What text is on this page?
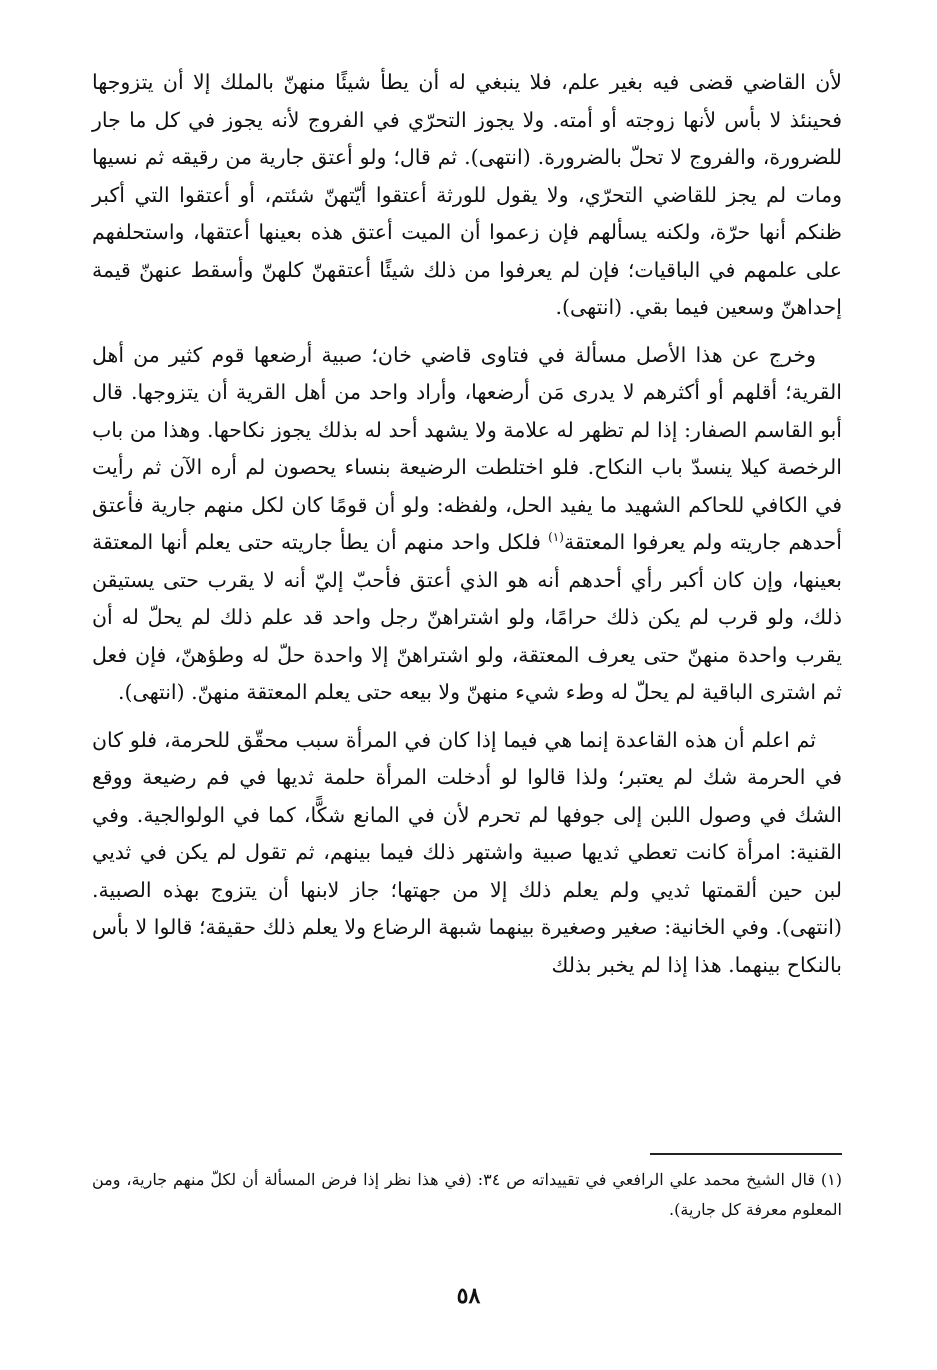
لأن القاضي قضى فيه بغير علم، فلا ينبغي له أن يطأ شيئًا منهنّ بالملك إلا أن يتزوجها فحينئذ لا بأس لأنها زوجته أو أمته. ولا يجوز التحرّي في الفروج لأنه يجوز في كل ما جار للضرورة، والفروج لا تحلّ بالضرورة. (انتهى). ثم قال؛ ولو أعتق جارية من رقيقه ثم نسيها ومات لم يجز للقاضي التحرّي، ولا يقول للورثة أعتقوا أيّتهنّ شئتم، أو أعتقوا التي أكبر ظنكم أنها حرّة، ولكنه يسألهم فإن زعموا أن الميت أعتق هذه بعينها أعتقها، واستحلفهم على علمهم في الباقيات؛ فإن لم يعرفوا من ذلك شيئًا أعتقهنّ كلهنّ وأسقط عنهنّ قيمة إحداهنّ وسعين فيما بقي. (انتهى).

وخرج عن هذا الأصل مسألة في فتاوى قاضي خان؛ صبية أرضعها قوم كثير من أهل القرية؛ أقلهم أو أكثرهم لا يدرى مَن أرضعها، وأراد واحد من أهل القرية أن يتزوجها. قال أبو القاسم الصفار: إذا لم تظهر له علامة ولا يشهد أحد له بذلك يجوز نكاحها. وهذا من باب الرخصة كيلا ينسدّ باب النكاح. فلو اختلطت الرضيعة بنساء يحصون لم أره الآن ثم رأيت في الكافي للحاكم الشهيد ما يفيد الحل، ولفظه: ولو أن قومًا كان لكل منهم جارية فأعتق أحدهم جاريته ولم يعرفوا المعتقة$^{(١)}$ فلكل واحد منهم أن يطأ جاريته حتى يعلم أنها المعتقة بعينها، وإن كان أكبر رأي أحدهم أنه هو الذي أعتق فأحبّ إليّ أنه لا يقرب حتى يستيقن ذلك، ولو قرب لم يكن ذلك حرامًا، ولو اشتراهنّ رجل واحد قد علم ذلك لم يحلّ له أن يقرب واحدة منهنّ حتى يعرف المعتقة، ولو اشتراهنّ إلا واحدة حلّ له وطؤهنّ، فإن فعل ثم اشترى الباقية لم يحلّ له وطء شيء منهنّ ولا بيعه حتى يعلم المعتقة منهنّ. (انتهى).

ثم اعلم أن هذه القاعدة إنما هي فيما إذا كان في المرأة سبب محقّق للحرمة، فلو كان في الحرمة شك لم يعتبر؛ ولذا قالوا لو أدخلت المرأة حلمة ثديها في فم رضيعة ووقع الشك في وصول اللبن إلى جوفها لم تحرم لأن في المانع شكًّا، كما في الولوالجية. وفي القنية: امرأة كانت تعطي ثديها صبية واشتهر ذلك فيما بينهم، ثم تقول لم يكن في ثديي لبن حين ألقمتها ثديي ولم يعلم ذلك إلا من جهتها؛ جاز لابنها أن يتزوج بهذه الصبية. (انتهى). وفي الخانية: صغير وصغيرة بينهما شبهة الرضاع ولا يعلم ذلك حقيقة؛ قالوا لا بأس بالنكاح بينهما. هذا إذا لم يخبر بذلك

(١) قال الشيخ محمد علي الرافعي في تقييداته ص ٣٤: (في هذا نظر إذا فرض المسألة أن لكلّ منهم جارية، ومن المعلوم معرفة كل جارية).

٥٨
